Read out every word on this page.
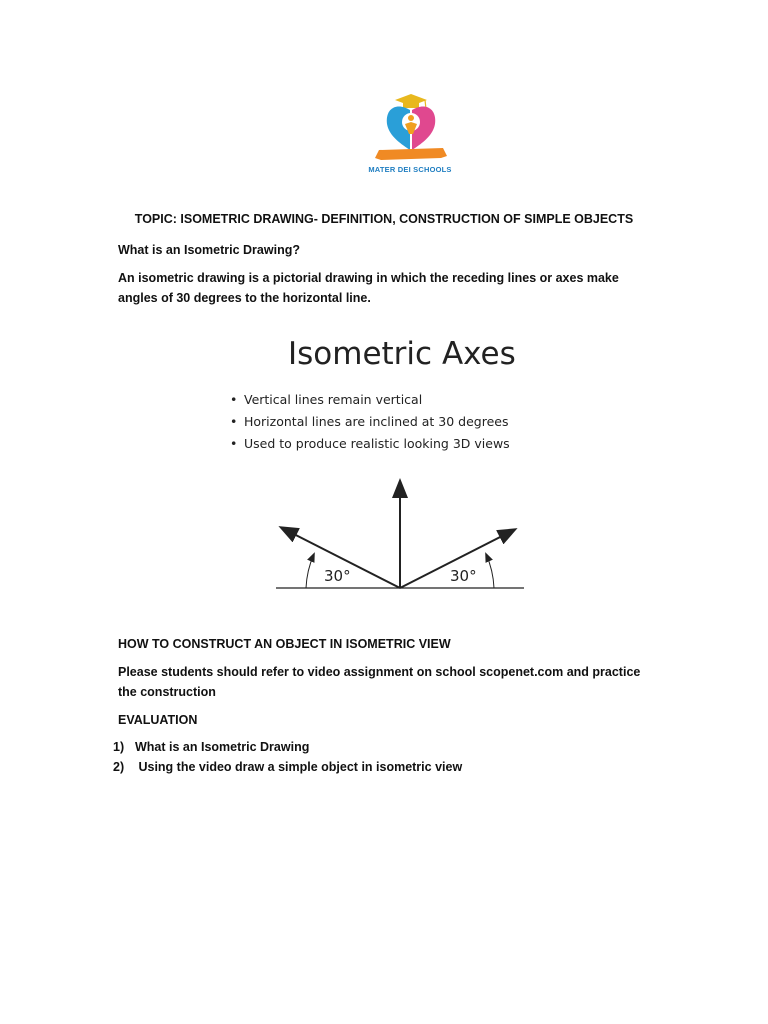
MATER DEI SCHOOLS
TOPIC: ISOMETRIC DRAWING- DEFINITION, CONSTRUCTION OF SIMPLE OBJECTS
What is an Isometric Drawing?
An isometric drawing is a pictorial drawing in which the receding lines or axes make angles of 30 degrees to the horizontal line.
Isometric Axes
• Vertical lines remain vertical
• Horizontal lines are inclined at 30 degrees
• Used to produce realistic looking 3D views
30°	30°
HOW TO CONSTRUCT AN OBJECT IN ISOMETRIC VIEW
Please students should refer to video assignment on school scopenet.com and practice the construction
EVALUATION
1) What is an Isometric Drawing
2) Using the video draw a simple object in isometric view
